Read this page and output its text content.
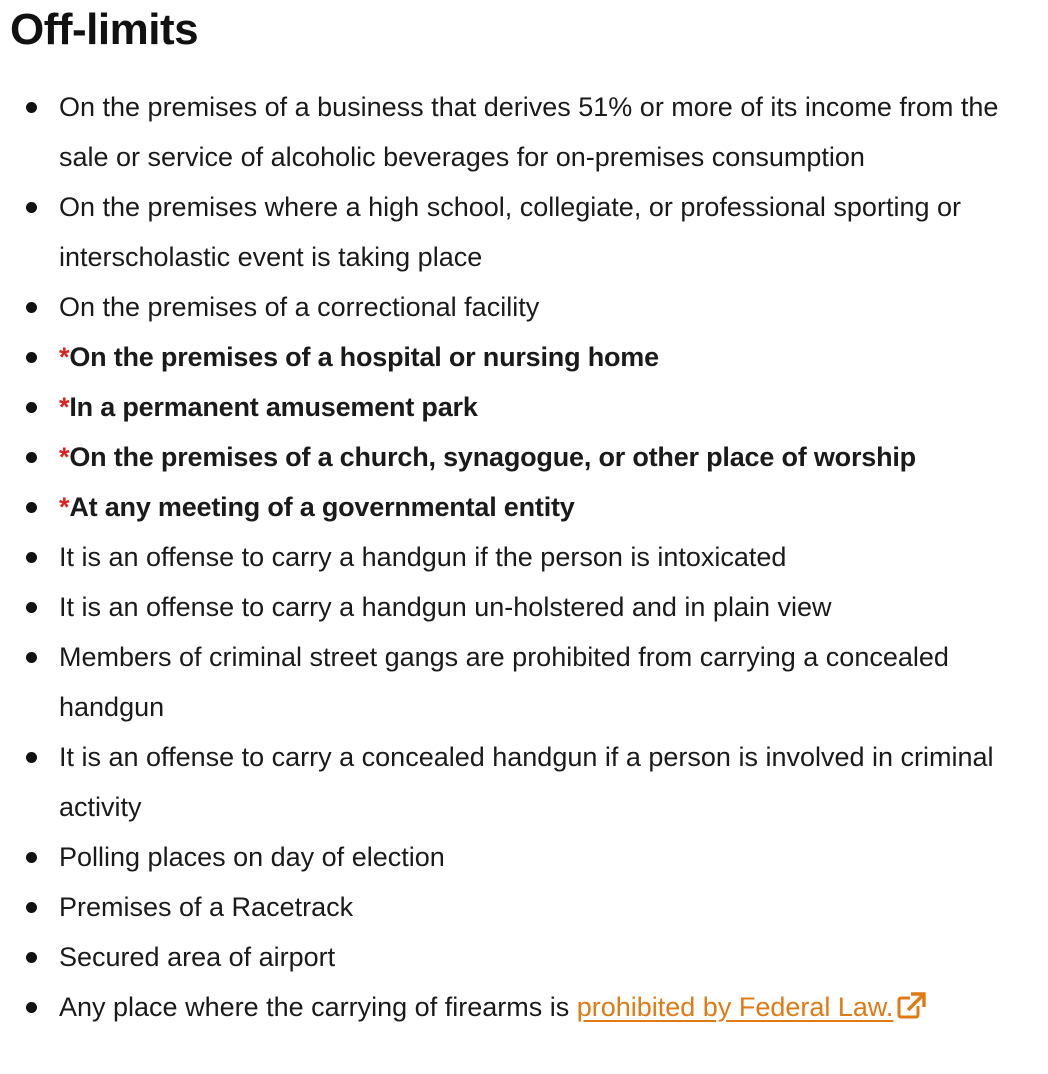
Off-limits
On the premises of a business that derives 51% or more of its income from the sale or service of alcoholic beverages for on-premises consumption
On the premises where a high school, collegiate, or professional sporting or interscholastic event is taking place
On the premises of a correctional facility
*On the premises of a hospital or nursing home
*In a permanent amusement park
*On the premises of a church, synagogue, or other place of worship
*At any meeting of a governmental entity
It is an offense to carry a handgun if the person is intoxicated
It is an offense to carry a handgun un-holstered and in plain view
Members of criminal street gangs are prohibited from carrying a concealed handgun
It is an offense to carry a concealed handgun if a person is involved in criminal activity
Polling places on day of election
Premises of a Racetrack
Secured area of airport
Any place where the carrying of firearms is prohibited by Federal Law.
